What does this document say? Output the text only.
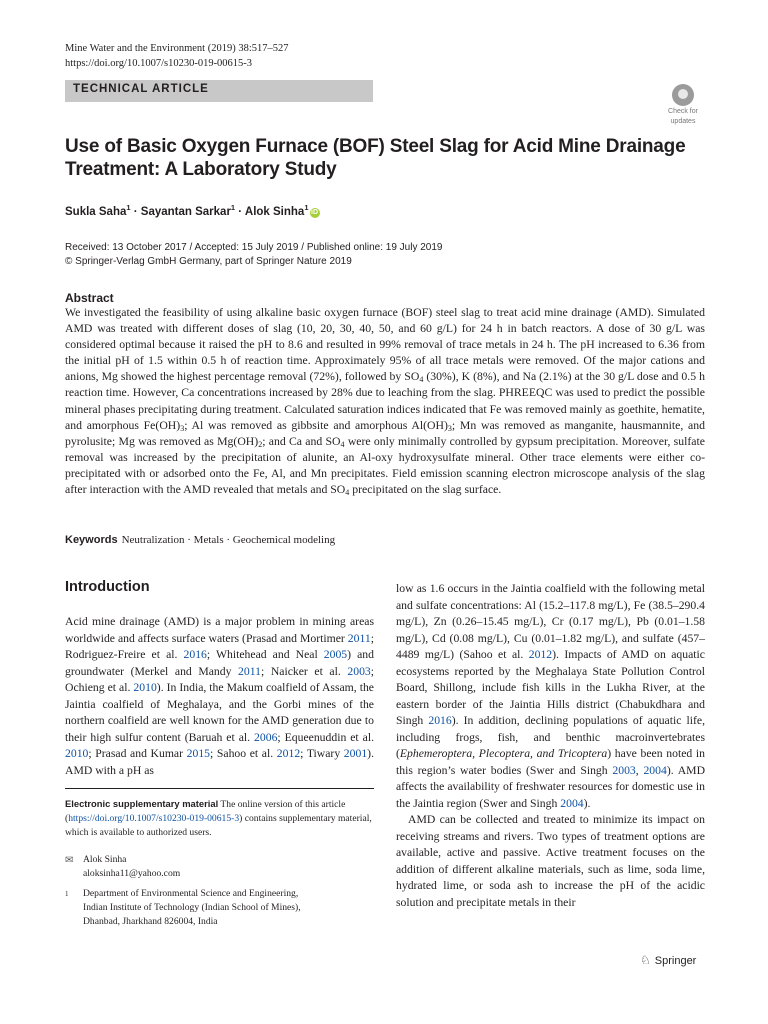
Mine Water and the Environment (2019) 38:517–527
https://doi.org/10.1007/s10230-019-00615-3
TECHNICAL ARTICLE
Check for
updates
Use of Basic Oxygen Furnace (BOF) Steel Slag for Acid Mine Drainage
Treatment: A Laboratory Study
Sukla Saha$^1$ · Sayantan Sarkar$^1$ · Alok Sinha$^1$iD
Received: 13 October 2017 / Accepted: 15 July 2019 / Published online: 19 July 2019
© Springer-Verlag GmbH Germany, part of Springer Nature 2019
Abstract
We investigated the feasibility of using alkaline basic oxygen furnace (BOF) steel slag to treat acid mine drainage (AMD). Simulated AMD was treated with different doses of slag (10, 20, 30, 40, 50, and 60 g/L) for 24 h in batch reactors. A dose of 30 g/L was considered optimal because it raised the pH to 8.6 and resulted in 99% removal of trace metals in 24 h. The pH increased to 6.36 from the initial pH of 1.5 within 0.5 h of reaction time. Approximately 95% of all trace metals were removed. Of the major cations and anions, Mg showed the highest percentage removal (72%), followed by $SO_4$ (30%), K (8%), and Na (2.1%) at the 30 g/L dose and 0.5 h reaction time. However, Ca concentrations increased by 28% due to leaching from the slag. PHREEQC was used to predict the possible mineral phases precipitating during treatment. Calculated saturation indices indicated that Fe was removed mainly as goethite, hematite, and amorphous $Fe(OH)_3$; Al was removed as gibbsite and amorphous $Al(OH)_3$; Mn was removed as manganite, hausmannite, and pyrolusite; Mg was removed as $Mg(OH)_2$; and Ca and $SO_4$ were only minimally controlled by gypsum precipitation. Moreover, sulfate removal was increased by the precipitation of alunite, an Al-oxy hydroxysulfate mineral. Other trace elements were either co-precipitated with or adsorbed onto the Fe, Al, and Mn precipitates. Field emission scanning electron microscope analysis of the slag after interaction with the AMD revealed that metals and $SO_4$ precipitated on the slag surface.
Keywords Neutralization · Metals · Geochemical modeling
Introduction

Acid mine drainage (AMD) is a major problem in mining areas worldwide and affects surface waters (Prasad and Mortimer 2011; Rodriguez-Freire et al. 2016; Whitehead and Neal 2005) and groundwater (Merkel and Mandy 2011; Naicker et al. 2003; Ochieng et al. 2010). In India, the Makum coalfield of Assam, the Jaintia coalfield of Meghalaya, and the Gorbi mines of the northern coalfield are well known for the AMD generation due to their high sulfur content (Baruah et al. 2006; Equeenuddin et al. 2010; Prasad and Kumar 2015; Sahoo et al. 2012; Tiwary 2001). AMD with a pH as

low as 1.6 occurs in the Jaintia coalfield with the following metal and sulfate concentrations: Al (15.2–117.8 mg/L), Fe (38.5–290.4 mg/L), Zn (0.26–15.45 mg/L), Cr (0.17 mg/L), Pb (0.01–1.58 mg/L), Cd (0.08 mg/L), Cu (0.01–1.82 mg/L), and sulfate (457–4489 mg/L) (Sahoo et al. 2012). Impacts of AMD on aquatic ecosystems reported by the Meghalaya State Pollution Control Board, Shillong, include fish kills in the Lukha River, at the eastern border of the Jaintia Hills district (Chabukdhara and Singh 2016). In addition, declining populations of aquatic life, including frogs, fish, and benthic macroinvertebrates (Ephemeroptera, Plecoptera, and Tricoptera) have been noted in this region’s water bodies (Swer and Singh 2003, 2004). AMD affects the availability of freshwater resources for domestic use in the Jaintia region (Swer and Singh 2004).

AMD can be collected and treated to minimize its impact on receiving streams and rivers. Two types of treatment options are available, active and passive. Active treatment focuses on the addition of different alkaline materials, such as lime, soda lime, hydrated lime, or soda ash to increase the pH of the acidic solution and precipitate metals in their

Electronic supplementary material The online version of this article (https://doi.org/10.1007/s10230-019-00615-3) contains supplementary material, which is available to authorized users.
✉ Alok Sinha
aloksinha11@yahoo.com
1 Department of Environmental Science and Engineering,
Indian Institute of Technology (Indian School of Mines),
Dhanbad, Jharkhand 826004, India
♘ Springer
